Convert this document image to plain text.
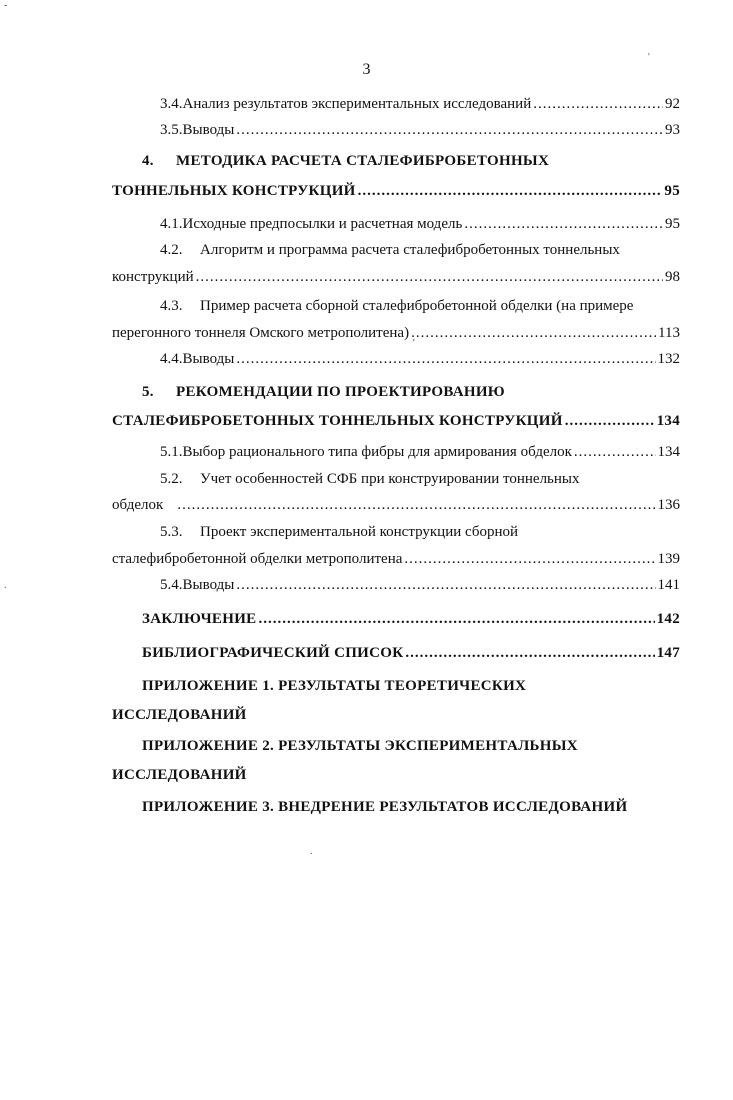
3
3.4. Анализ результатов экспериментальных исследований .....	92
3.5. Выводы .....	93
4.	МЕТОДИКА РАСЧЕТА СТАЛЕФИБРОБЕТОННЫХ
ТОННЕЛЬНЫХ КОНСТРУКЦИЙ .....	95
4.1. Исходные предпосылки и расчетная модель .....	95
4.2.	Алгоритм и программа расчета сталефибробетонных тоннельных
конструкций .....	98
4.3.	Пример расчета сборной сталефибробетонной обделки (на примере
перегонного тоннеля Омского метрополитена) .....	113
4.4. Выводы .....	132
5.	РЕКОМЕНДАЦИИ ПО ПРОЕКТИРОВАНИЮ
СТАЛЕФИБРОБЕТОННЫХ ТОННЕЛЬНЫХ КОНСТРУКЦИЙ .....	134
5.1. Выбор рационального типа фибры для армирования обделок .....	134
5.2.	Учет особенностей СФБ при конструировании тоннельных
обделок .....	136
5.3.	Проект экспериментальной конструкции сборной
сталефибробетонной обделки метрополитена .....	139
5.4. Выводы .....	141
ЗАКЛЮЧЕНИЕ .....	142
БИБЛИОГРАФИЧЕСКИЙ СПИСОК .....	147
ПРИЛОЖЕНИЕ 1. РЕЗУЛЬТАТЫ ТЕОРЕТИЧЕСКИХ
ИССЛЕДОВАНИЙ
ПРИЛОЖЕНИЕ 2. РЕЗУЛЬТАТЫ ЭКСПЕРИМЕНТАЛЬНЫХ
ИССЛЕДОВАНИЙ
ПРИЛОЖЕНИЕ 3. ВНЕДРЕНИЕ РЕЗУЛЬТАТОВ ИССЛЕДОВАНИЙ
-
'
’
.
.
